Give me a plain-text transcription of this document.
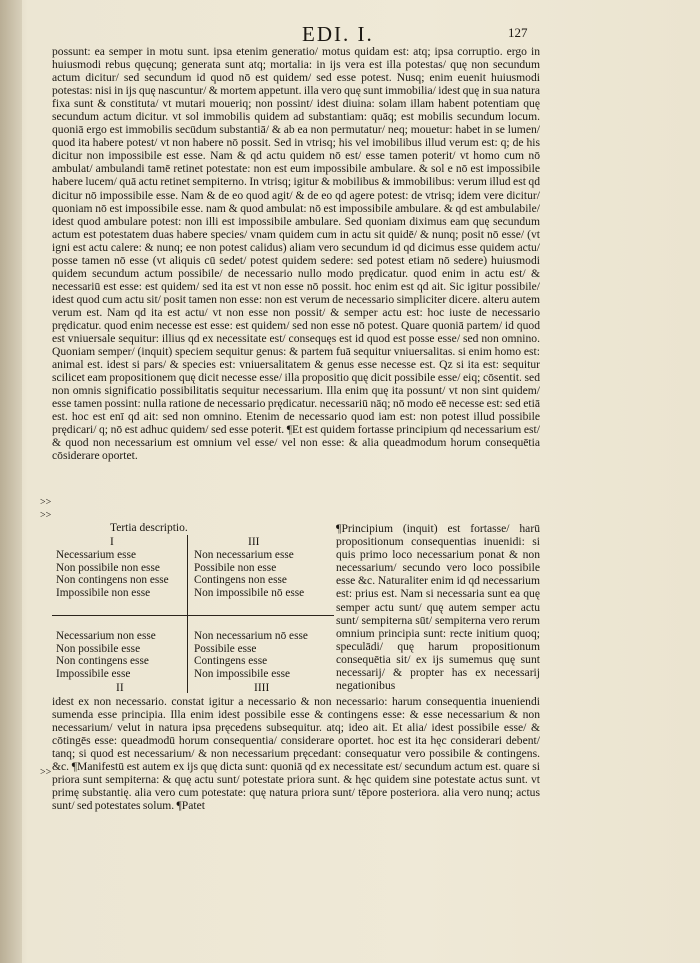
EDI. I.	127

possunt: ea semper in motu sunt. ipsa etenim generatio/ motus quidam est: atq; ipsa corruptio. ergo in huiusmodi rebus quęcunq; generata sunt atq; mortalia: in ijs vera est illa potestas/ quę non secundum actum dicitur/ sed secundum id quod nō est quidem/ sed esse potest. Nusq; enim euenit huiusmodi potestas: nisi in ijs quę nascuntur/ & mortem appetunt. illa vero quę sunt immobilia/ idest quę in sua natura fixa sunt & constituta/ vt mutari moueriq; non possint/ idest diuina: solam illam habent potentiam quę secundum actum dicitur. vt sol immobilis quidem ad substantiam: quāq; est mobilis secundum locum. quoniā ergo est immobilis secūdum substantiā/ & ab ea non permutatur/ neq; mouetur: habet in se lumen/ quod ita habere potest/ vt non habere nō possit. Sed in vtrisq; his vel imobilibus illud verum est: q; de his dicitur non impossibile est esse. Nam & qd actu quidem nō est/ esse tamen poterit/ vt homo cum nō ambulat/ ambulandi tamē retinet potestate: non est eum impossibile ambulare. & sol e nō est impossibile habere lucem/ quā actu retinet sempiterno. In vtrisq; igitur & mobilibus & immobilibus: verum illud est qd dicitur nō impossibile esse. Nam & de eo quod agit/ & de eo qd agere potest: de vtrisq; idem vere dicitur/ quoniam nō est impossibile esse. nam & quod ambulat: nō est impossibile ambulare. & qd est ambulabile/ idest quod ambulare potest: non illi est impossibile ambulare. Sed quoniam diximus eam quę secundum actum est potestatem duas habere species/ vnam quidem cum in actu sit quidē/ & nunq; posit nō esse/ (vt igni est actu calere: & nunq; ee non potest calidus) aliam vero secundum id qd dicimus esse quidem actu/ posse tamen nō esse (vt aliquis cū sedet/ potest quidem sedere: sed potest etiam nō sedere) huiusmodi quidem secundum actum possibile/ de necessario nullo modo prędicatur. quod enim in actu est/ & necessariū est esse: est quidem/ sed ita est vt non esse nō possit. hoc enim est qd ait. Sic igitur possibile/ idest quod cum actu sit/ posit tamen non esse: non est verum de necessario simpliciter dicere. alteru autem verum est. Nam qd ita est actu/ vt non esse non possit/ & semper actu est: hoc iuste de necessario prędicatur. quod enim necesse est esse: est quidem/ sed non esse nō potest. Quare quoniā partem/ id quod est vniuersale sequitur: illius qd ex necessitate est/ consequęs est id quod est posse esse/ sed non omnino. Quoniam semper/ (inquit) speciem sequitur genus: & partem fuā sequitur vniuersalitas. si enim homo est: animal est. idest si pars/ & species est: vniuersalitatem & genus esse necesse est. Qz si ita est: sequitur scilicet eam propositionem quę dicit necesse esse/ illa propositio quę dicit possibile esse/ eiq; cōsentit. sed non omnis significatio possibilitatis sequitur necessarium. Illa enim quę ita possunt/ vt non sint quidem/ esse tamen possint: nulla ratione de necessario prędicatur. necessariū nāq; nō modo eē necesse est: sed etiā est. hoc est enī qd ait: sed non omnino. Etenim de necessario quod iam est: non potest illud possibile prędicari/ q; nō est adhuc quidem/ sed esse poterit. ¶Et est quidem fortasse principium qd necessarium est/ & quod non necessarium est omnium vel esse/ vel non esse: & alia queadmodum horum consequētia cōsiderare oportet.

>>
>>
>>
Tertia descriptio.
I
Necessarium esse
Non possibile non esse
Non contingens non esse
Impossibile non esse
III
Non necessarium esse
Possibile non esse
Contingens non esse
Non impossibile nō esse
Necessarium non esse
Non possibile esse
Non contingens esse
Impossibile esse
II
Non necessarium nō esse
Possibile esse
Contingens esse
Non impossibile esse
IIII

¶Principium (inquit) est fortasse/ harū propositionum consequentias inuenidi: si quis primo loco necessarium ponat & non necessarium/ secundo vero loco possibile esse &c. Naturaliter enim id qd necessarium est: prius est. Nam si necessaria sunt ea quę semper actu sunt/ quę autem semper actu sunt/ sempiterna sūt/ sempiterna vero rerum omnium principia sunt: recte initium quoq; speculādi/ quę harum propositionum consequētia sit/ ex ijs sumemus quę sunt necessarij/ & propter has ex necessarij negationibus

idest ex non necessario. constat igitur a necessario & non necessario: harum consequentia inueniendi sumenda esse principia. Illa enim idest possibile esse & contingens esse: & esse necessarium & non necessarium/ velut in natura ipsa pręcedens subsequitur. atq; ideo ait. Et alia/ idest possibile esse/ & cōtingēs esse: queadmodū horum consequentia/ considerare oportet. hoc est ita hęc considerari debent/ tanq; si quod est necessarium/ & non necessarium pręcedant: consequatur vero possibile & contingens. &c. ¶Manifestū est autem ex ijs quę dicta sunt: quoniā qd ex necessitate est/ secundum actum est. quare si priora sunt sempiterna: & quę actu sunt/ potestate priora sunt. & hęc quidem sine potestate actus sunt. vt primę substantię. alia vero cum potestate: quę natura priora sunt/ tēpore posteriora. alia vero nunq; actus sunt/ sed potestates solum. ¶Patet
